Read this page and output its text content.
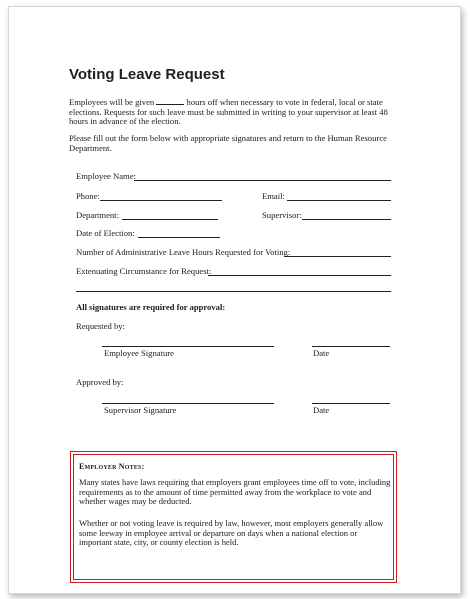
Voting Leave Request
Employees will be given	hours off when necessary to vote in federal, local or state elections. Requests for such leave must be submitted in writing to your supervisor at least 48 hours in advance of the election.
Please fill out the form below with appropriate signatures and return to the Human Resource Department.
Employee Name:
Phone:	Email:
Department:	Supervisor:
Date of Election:
Number of Administrative Leave Hours Requested for Voting:
Extenuating Circumstance for Request:
All signatures are required for approval:
Requested by:
Employee Signature	Date
Approved by:
Supervisor Signature	Date
Employer Notes:
Many states have laws requiring that employers grant employees time off to vote, including requirements as to the amount of time permitted away from the workplace to vote and whether wages may be deducted.
Whether or not voting leave is required by law, however, most employers generally allow some leeway in employee arrival or departure on days when a national election or important state, city, or county election is held.
